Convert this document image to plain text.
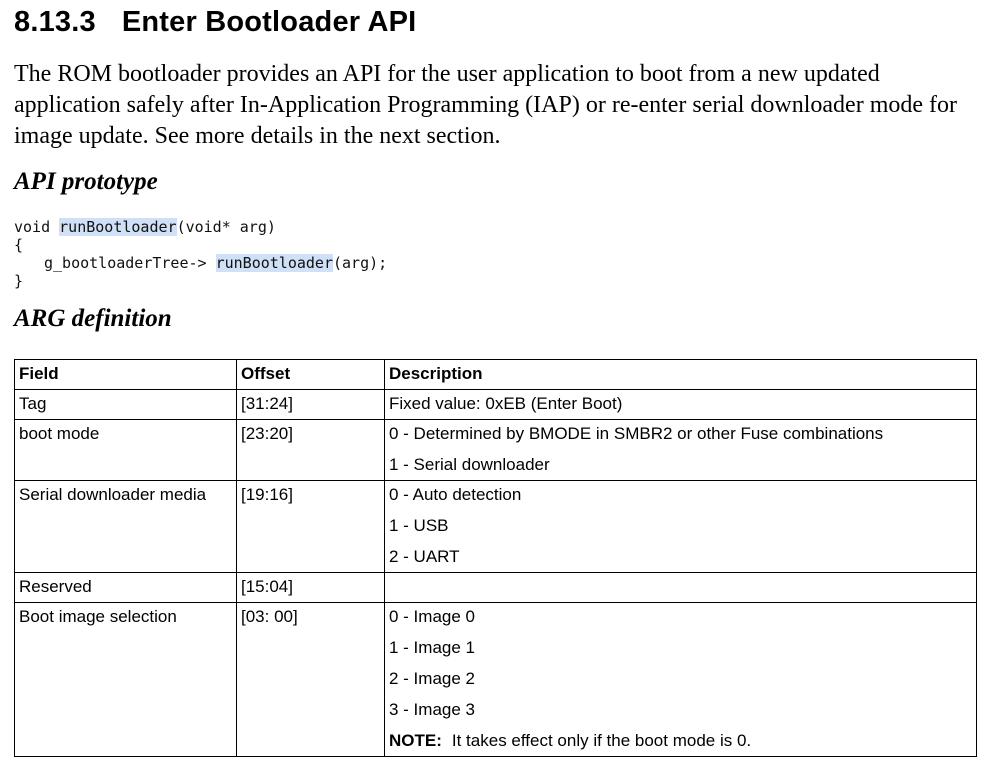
8.13.3 Enter Bootloader API

The ROM bootloader provides an API for the user application to boot from a new updated application safely after In-Application Programming (IAP) or re-enter serial downloader mode for image update. See more details in the next section.

API prototype
void runBootloader(void* arg)
{
g_bootloaderTree-> runBootloader(arg);
}
ARG definition
Field	Offset	Description
Tag	[31:24]	Fixed value: 0xEB (Enter Boot)

boot mode	[23:20]	0 - Determined by BMODE in SMBR2 or other Fuse combinations
1 - Serial downloader

Serial downloader media	[19:16]	0 - Auto detection
1 - USB
2 - UART

Reserved	[15:04]	
Boot image selection	[03: 00]	0 - Image 0
1 - Image 1
2 - Image 2
3 - Image 3
NOTE: It takes effect only if the boot mode is 0.
